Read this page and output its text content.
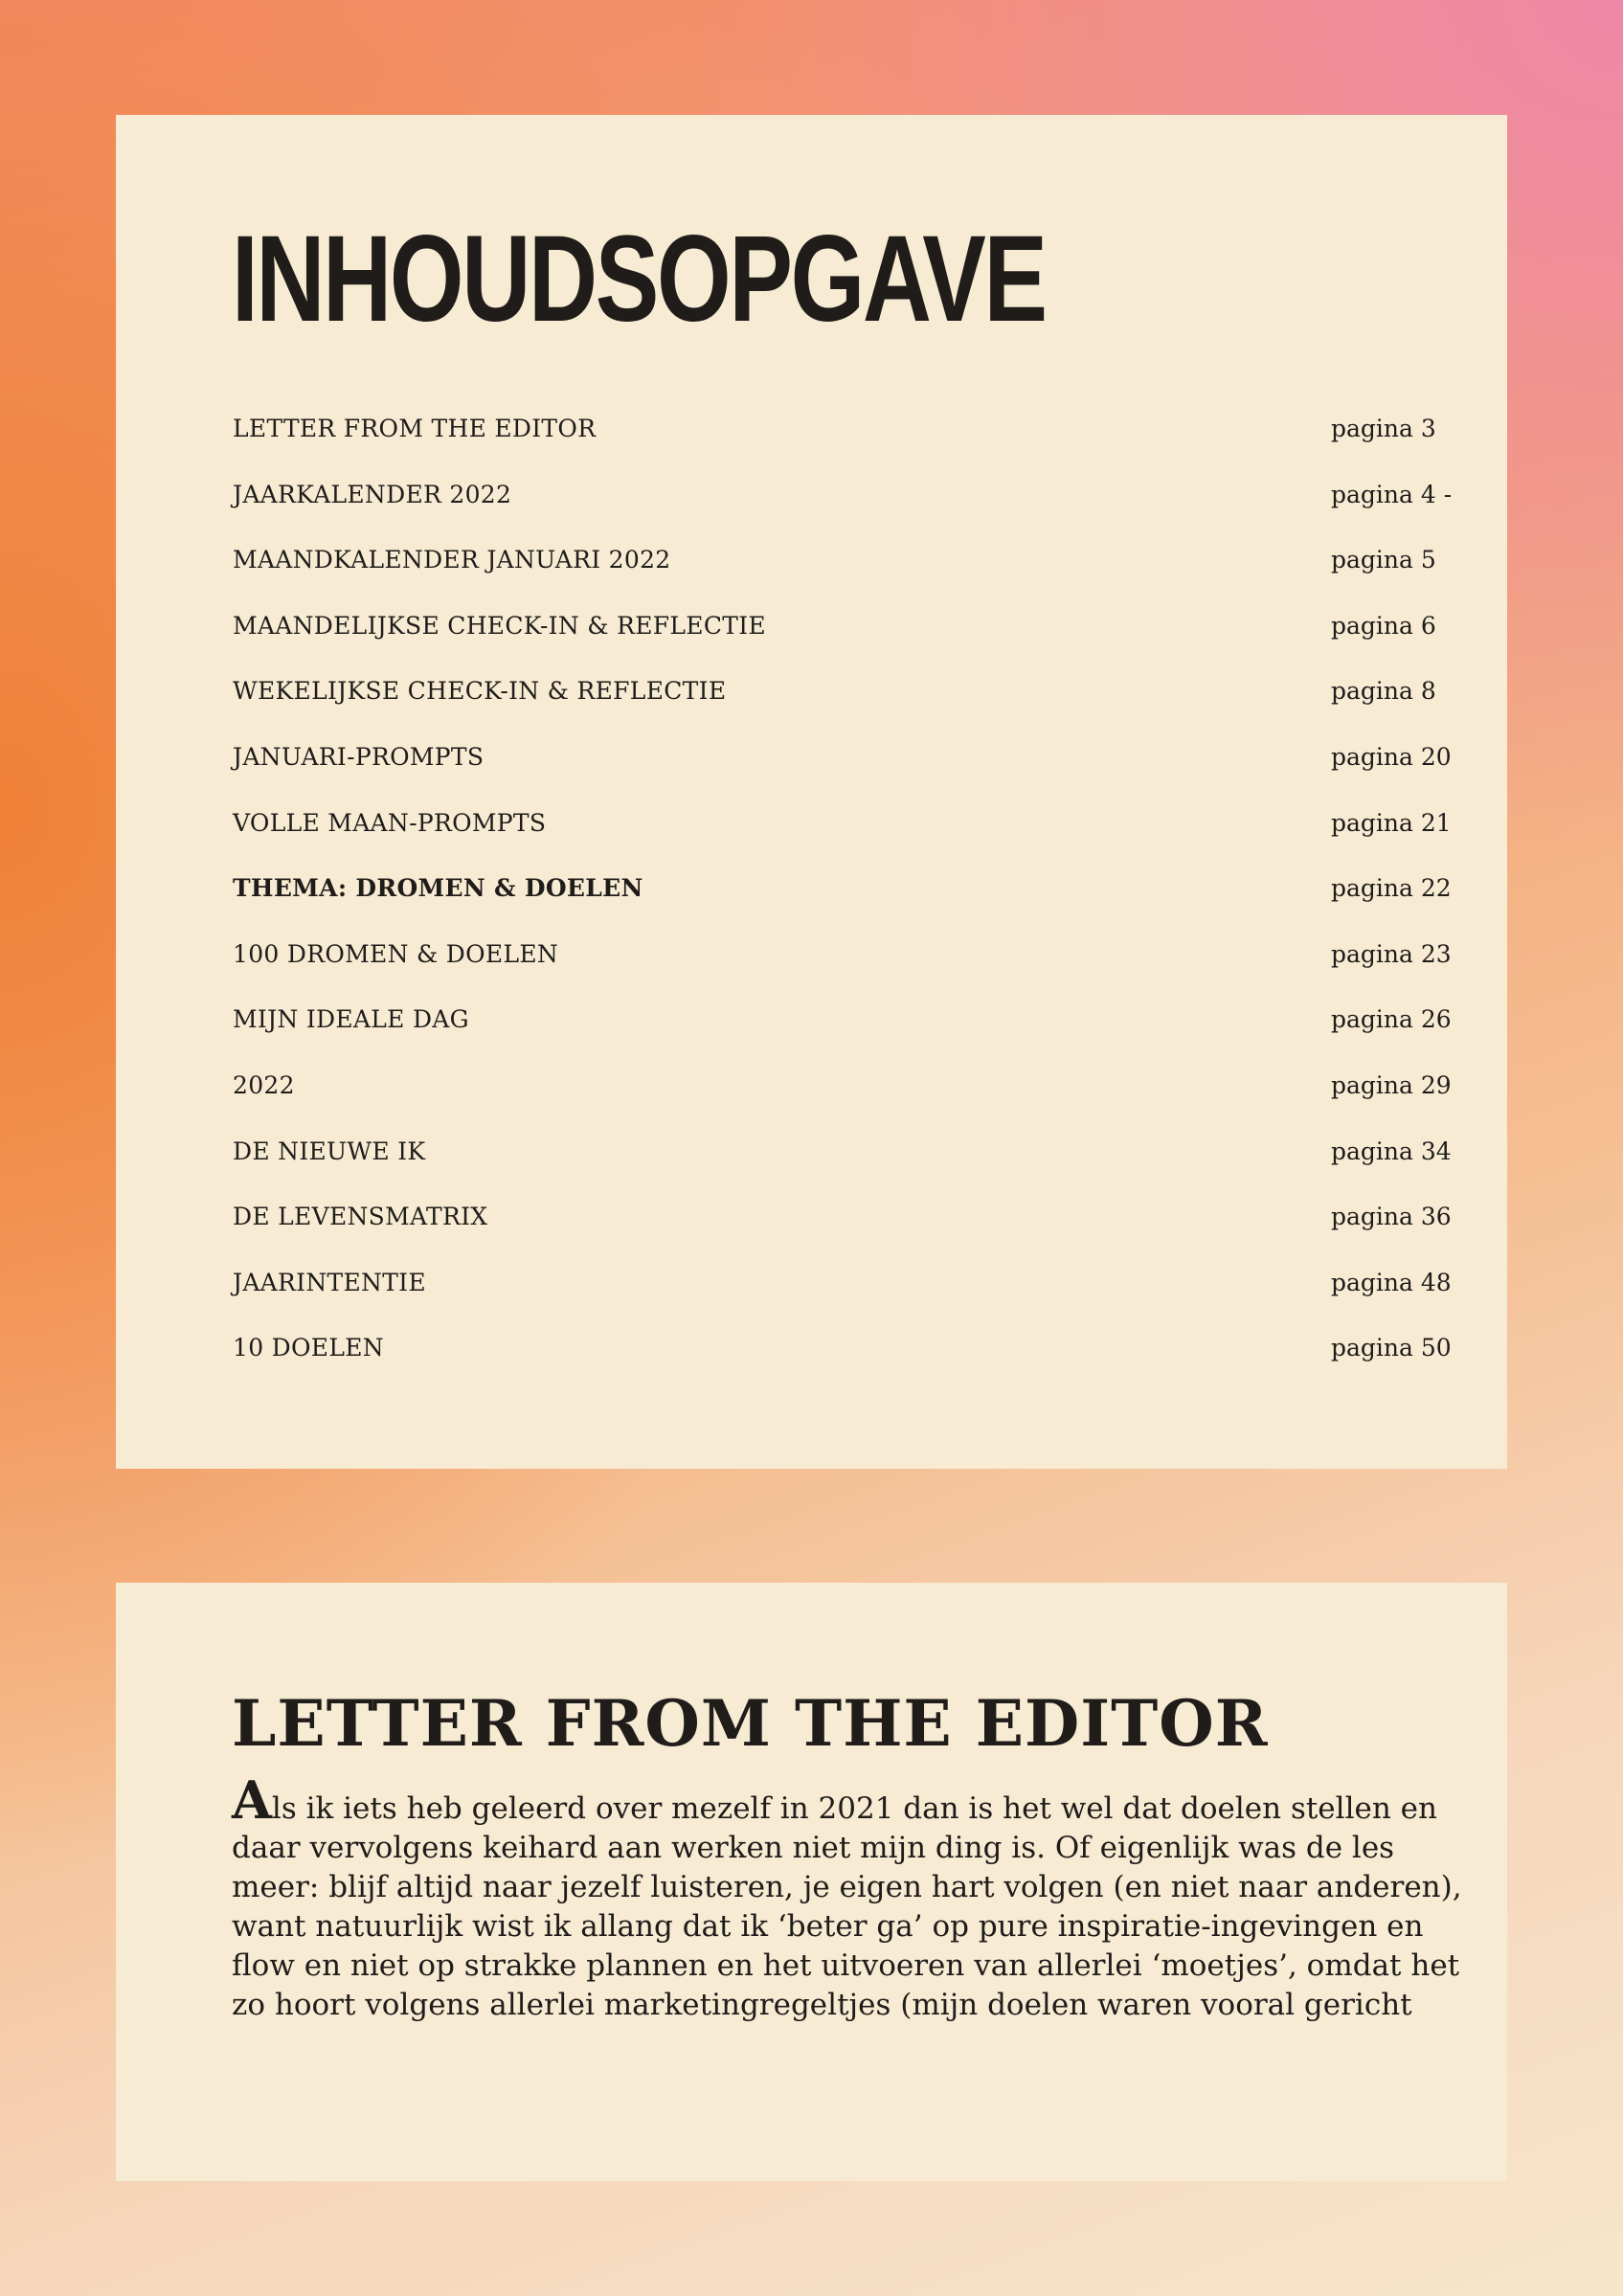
INHOUDSOPGAVE
LETTER FROM THE EDITOR	pagina 3
JAARKALENDER 2022	pagina 4 -
MAANDKALENDER JANUARI 2022	pagina 5
MAANDELIJKSE CHECK-IN & REFLECTIE	pagina 6
WEKELIJKSE CHECK-IN & REFLECTIE	pagina 8
JANUARI-PROMPTS	pagina 20
VOLLE MAAN-PROMPTS	pagina 21
THEMA: DROMEN & DOELEN	pagina 22
100 DROMEN & DOELEN	pagina 23
MIJN IDEALE DAG	pagina 26
2022	pagina 29
DE NIEUWE IK	pagina 34
DE LEVENSMATRIX	pagina 36
JAARINTENTIE	pagina 48
10 DOELEN	pagina 50
LETTER FROM THE EDITOR

Als ik iets heb geleerd over mezelf in 2021 dan is het wel dat doelen stellen en
daar vervolgens keihard aan werken niet mijn ding is. Of eigenlijk was de les
meer: blijf altijd naar jezelf luisteren, je eigen hart volgen (en niet naar anderen),
want natuurlijk wist ik allang dat ik ‘beter ga’ op pure inspiratie-ingevingen en
flow en niet op strakke plannen en het uitvoeren van allerlei ‘moetjes’, omdat het
zo hoort volgens allerlei marketingregeltjes (mijn doelen waren vooral gericht
